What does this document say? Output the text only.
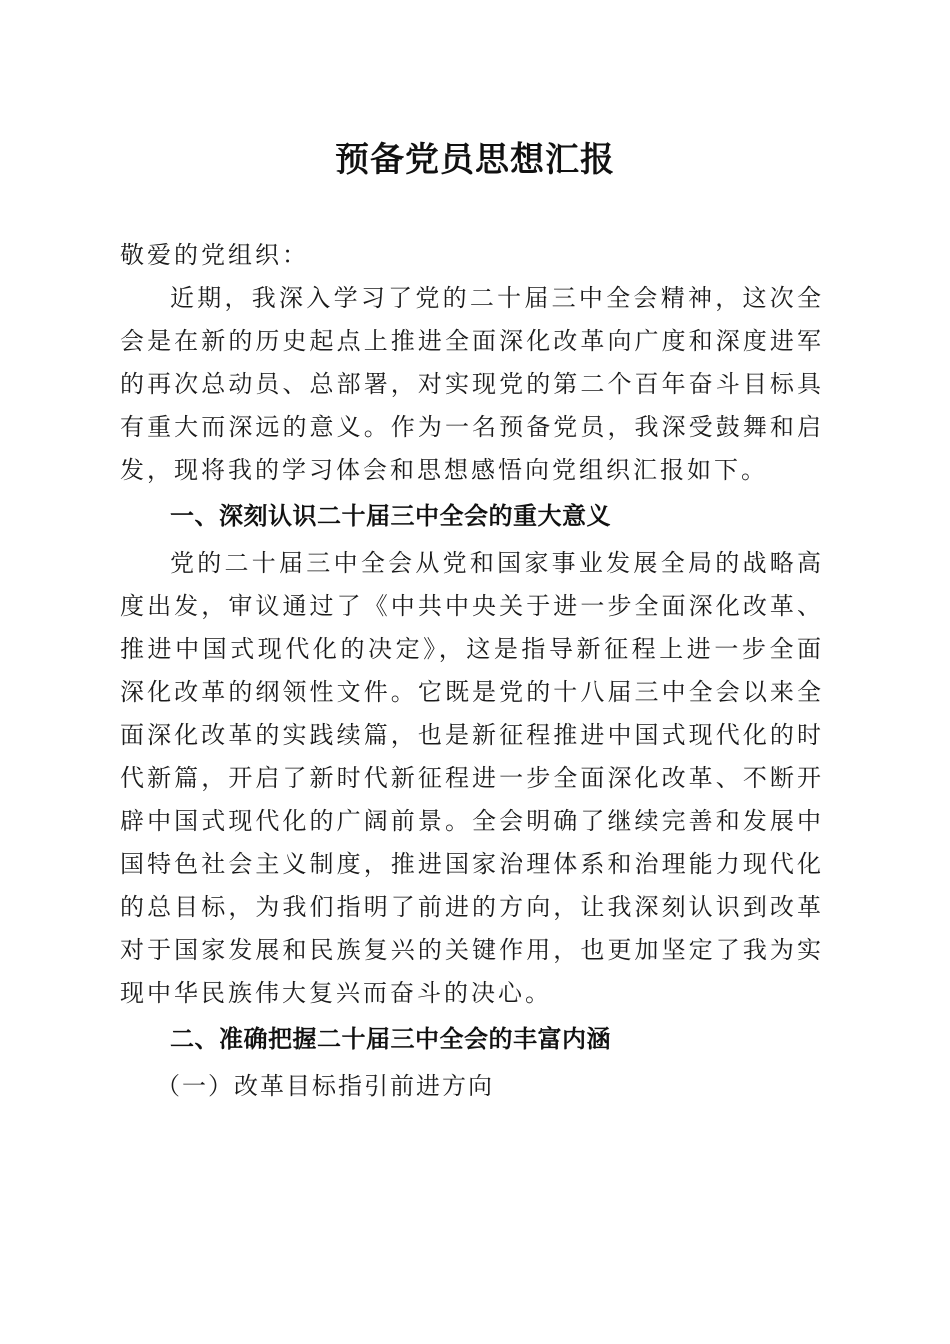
预备党员思想汇报

敬爱的党组织：

近期，我深入学习了党的二十届三中全会精神，这次全会是在新的历史起点上推进全面深化改革向广度和深度进军的再次总动员、总部署，对实现党的第二个百年奋斗目标具有重大而深远的意义。作为一名预备党员，我深受鼓舞和启发，现将我的学习体会和思想感悟向党组织汇报如下。

一、深刻认识二十届三中全会的重大意义

党的二十届三中全会从党和国家事业发展全局的战略高度出发，审议通过了《中共中央关于进一步全面深化改革、推进中国式现代化的决定》，这是指导新征程上进一步全面深化改革的纲领性文件。它既是党的十八届三中全会以来全面深化改革的实践续篇，也是新征程推进中国式现代化的时代新篇，开启了新时代新征程进一步全面深化改革、不断开辟中国式现代化的广阔前景。全会明确了继续完善和发展中国特色社会主义制度，推进国家治理体系和治理能力现代化的总目标，为我们指明了前进的方向，让我深刻认识到改革对于国家发展和民族复兴的关键作用，也更加坚定了我为实现中华民族伟大复兴而奋斗的决心。

二、准确把握二十届三中全会的丰富内涵

（一）改革目标指引前进方向
